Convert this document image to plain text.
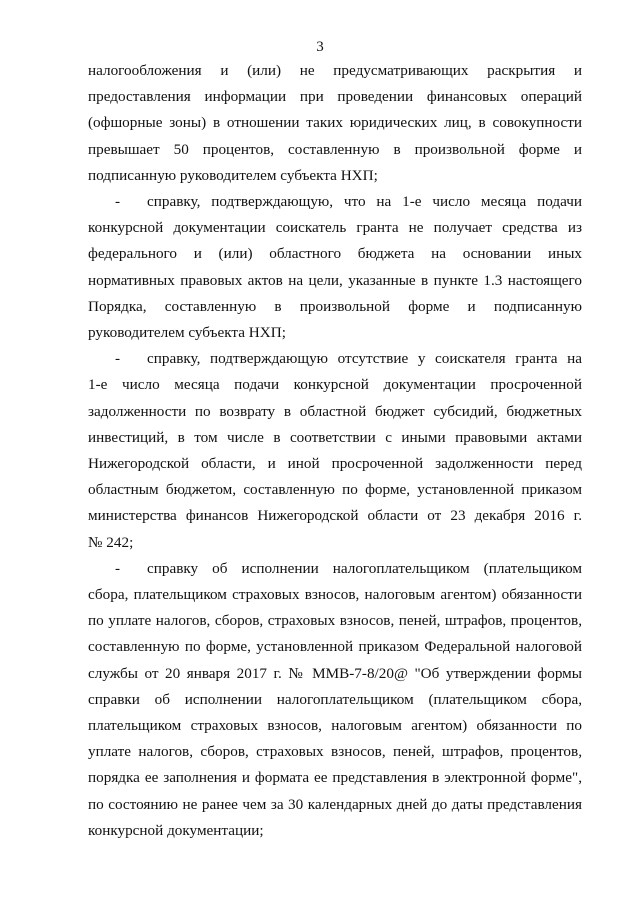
3
налогообложения и (или) не предусматривающих раскрытия и
предоставления информации при проведении финансовых операций
(офшорные зоны) в отношении таких юридических лиц, в совокупности
превышает 50 процентов, составленную в произвольной форме и
подписанную руководителем субъекта НХП;
-	справку, подтверждающую, что на 1-е число месяца подачи
конкурсной документации соискатель гранта не получает средства из
федерального и (или) областного бюджета на основании иных
нормативных правовых актов на цели, указанные в пункте 1.3 настоящего
Порядка, составленную в произвольной форме и подписанную
руководителем субъекта НХП;
-	справку, подтверждающую отсутствие у соискателя гранта на
1-е число месяца подачи конкурсной документации просроченной
задолженности по возврату в областной бюджет субсидий, бюджетных
инвестиций, в том числе в соответствии с иными правовыми актами
Нижегородской области, и иной просроченной задолженности перед
областным бюджетом, составленную по форме, установленной приказом
министерства финансов Нижегородской области от 23 декабря 2016 г.
№ 242;
-	справку об исполнении налогоплательщиком (плательщиком
сбора, плательщиком страховых взносов, налоговым агентом) обязанности
по уплате налогов, сборов, страховых взносов, пеней, штрафов, процентов,
составленную по форме, установленной приказом Федеральной налоговой
службы от 20 января 2017 г. № ММВ-7-8/20@ "Об утверждении формы
справки об исполнении налогоплательщиком (плательщиком сбора,
плательщиком страховых взносов, налоговым агентом) обязанности по
уплате налогов, сборов, страховых взносов, пеней, штрафов, процентов,
порядка ее заполнения и формата ее представления в электронной форме",
по состоянию не ранее чем за 30 календарных дней до даты представления
конкурсной документации;
